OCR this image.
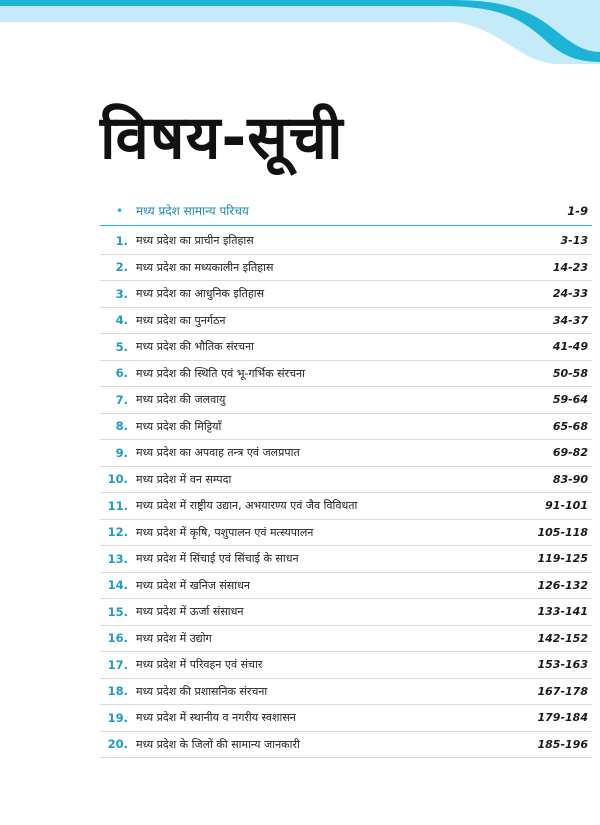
विषय-सूची
• मध्य प्रदेश सामान्य परिचय	1-9
1. मध्य प्रदेश का प्राचीन इतिहास	3-13
2. मध्य प्रदेश का मध्यकालीन इतिहास	14-23
3. मध्य प्रदेश का आधुनिक इतिहास	24-33
4. मध्य प्रदेश का पुनर्गठन	34-37
5. मध्य प्रदेश की भौतिक संरचना	41-49
6. मध्य प्रदेश की स्थिति एवं भू-गर्भिक संरचना	50-58
7. मध्य प्रदेश की जलवायु	59-64
8. मध्य प्रदेश की मिट्टियाँ	65-68
9. मध्य प्रदेश का अपवाह तन्त्र एवं जलप्रपात	69-82
10. मध्य प्रदेश में वन सम्पदा	83-90
11. मध्य प्रदेश में राष्ट्रीय उद्यान, अभयारण्य एवं जैव विविधता	91-101
12. मध्य प्रदेश में कृषि, पशुपालन एवं मत्स्यपालन	105-118
13. मध्य प्रदेश में सिंचाई एवं सिंचाई के साधन	119-125
14. मध्य प्रदेश में खनिज संसाधन	126-132
15. मध्य प्रदेश में ऊर्जा संसाधन	133-141
16. मध्य प्रदेश में उद्योग	142-152
17. मध्य प्रदेश में परिवहन एवं संचार	153-163
18. मध्य प्रदेश की प्रशासनिक संरचना	167-178
19. मध्य प्रदेश में स्थानीय व नगरीय स्वशासन	179-184
20. मध्य प्रदेश के जिलों की सामान्य जानकारी	185-196
